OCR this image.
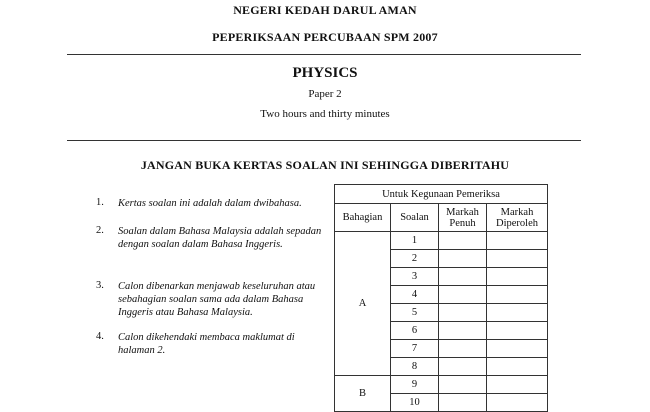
NEGERI KEDAH DARUL AMAN
PEPERIKSAAN PERCUBAAN SPM 2007
PHYSICS
Paper 2
Two hours and thirty minutes
JANGAN BUKA KERTAS SOALAN INI SEHINGGA DIBERITAHU
1. Kertas soalan ini adalah dalam dwibahasa.
2. Soalan dalam Bahasa Malaysia adalah sepadan dengan soalan dalam Bahasa Inggeris.
3. Calon dibenarkan menjawab keseluruhan atau sebahagian soalan sama ada dalam Bahasa Inggeris atau Bahasa Malaysia.
4. Calon dikehendaki membaca maklumat di halaman 2.
Untuk Kegunaan Pemeriksa			
Bahagian	Soalan	Markah Penuh	Markah Diperoleh
A	1		
	2		
	3		
	4		
	5		
	6		
	7		
	8		
B	9		
	10		
